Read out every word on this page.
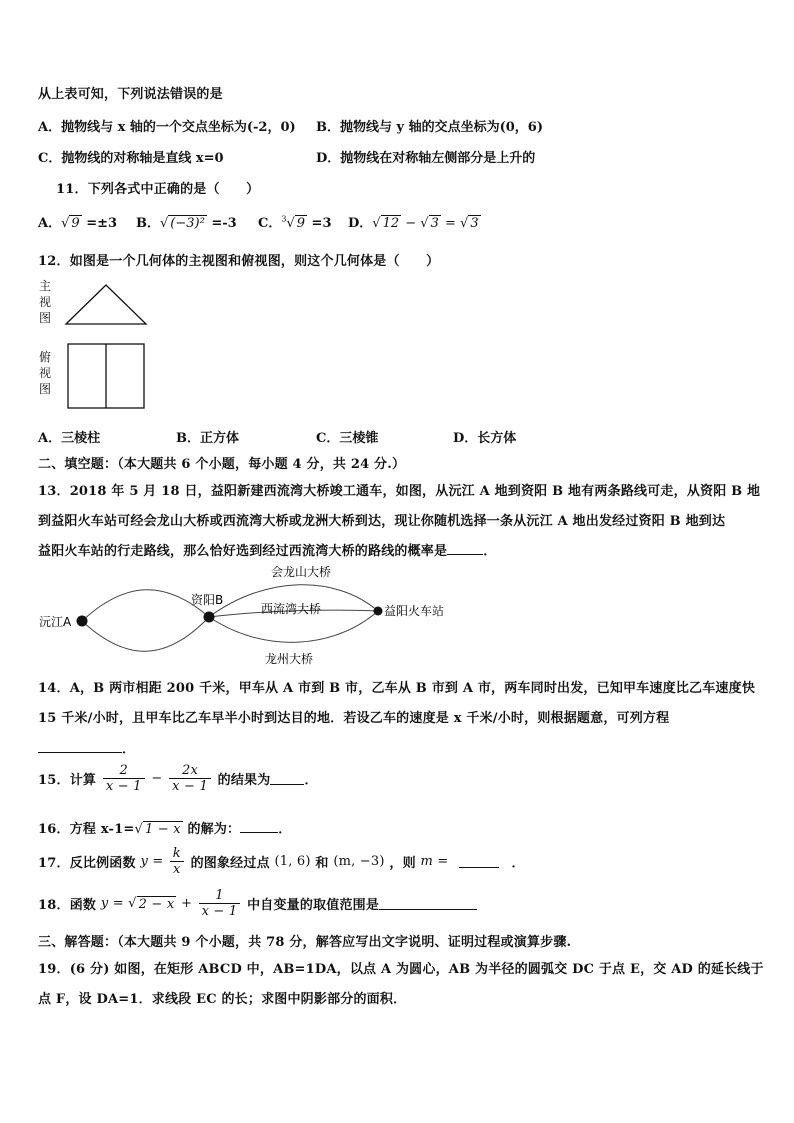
从上表可知，下列说法错误的是
A．抛物线与 x 轴的一个交点坐标为(-2，0) B．抛物线与 y 轴的交点坐标为(0，6)
C．抛物线的对称轴是直线 x=0	D．抛物线在对称轴左侧部分是上升的
11．下列各式中正确的是（　　）
A．√ 9 =±3 B．√ (−3)² =-3 C．$^3$√ 9 =3 D．√ 12 − √ 3 = √ 3
12．如图是一个几何体的主视图和俯视图，则这个几何体是（　　）
主视图
俯视图
A．三棱柱	B．正方体	C．三棱锥	D．长方体
二、填空题：（本大题共 6 个小题，每小题 4 分，共 24 分.）
13．2018 年 5 月 18 日，益阳新建西流湾大桥竣工通车，如图，从沅江 A 地到资阳 B 地有两条路线可走，从资阳 B 地
到益阳火车站可经会龙山大桥或西流湾大桥或龙洲大桥到达，现让你随机选择一条从沅江 A 地出发经过资阳 B 地到达
益阳火车站的行走路线，那么恰好选到经过西流湾大桥的路线的概率是	．
沅江A
资阳B
益阳火车站
会龙山大桥
西流湾大桥
龙州大桥
14．A，B 两市相距 200 千米，甲车从 A 市到 B 市，乙车从 B 市到 A 市，两车同时出发，已知甲车速度比乙车速度快
15 千米/小时，且甲车比乙车早半小时到达目的地．若设乙车的速度是 x 千米/小时，则根据题意，可列方程
．
15．计算 $\frac{2}{x - 1} - \frac{2x}{x - 1}$ 的结果为	．
16．方程 x-1=√ 1 − x 的解为：	．
17．反比例函数 $y = \frac{k}{x}$ 的图象经过点 (1, 6) 和 (m, −3) ，则 m =	．
18．函数 y = √ $2 - x + \frac{1}{x - 1}$ 中自变量的取值范围是
三、解答题：（本大题共 9 个小题，共 78 分，解答应写出文字说明、证明过程或演算步骤.
19．(6 分) 如图，在矩形 ABCD 中，AB=1DA，以点 A 为圆心，AB 为半径的圆弧交 DC 于点 E，交 AD 的延长线于
点 F，设 DA=1．求线段 EC 的长；求图中阴影部分的面积．
